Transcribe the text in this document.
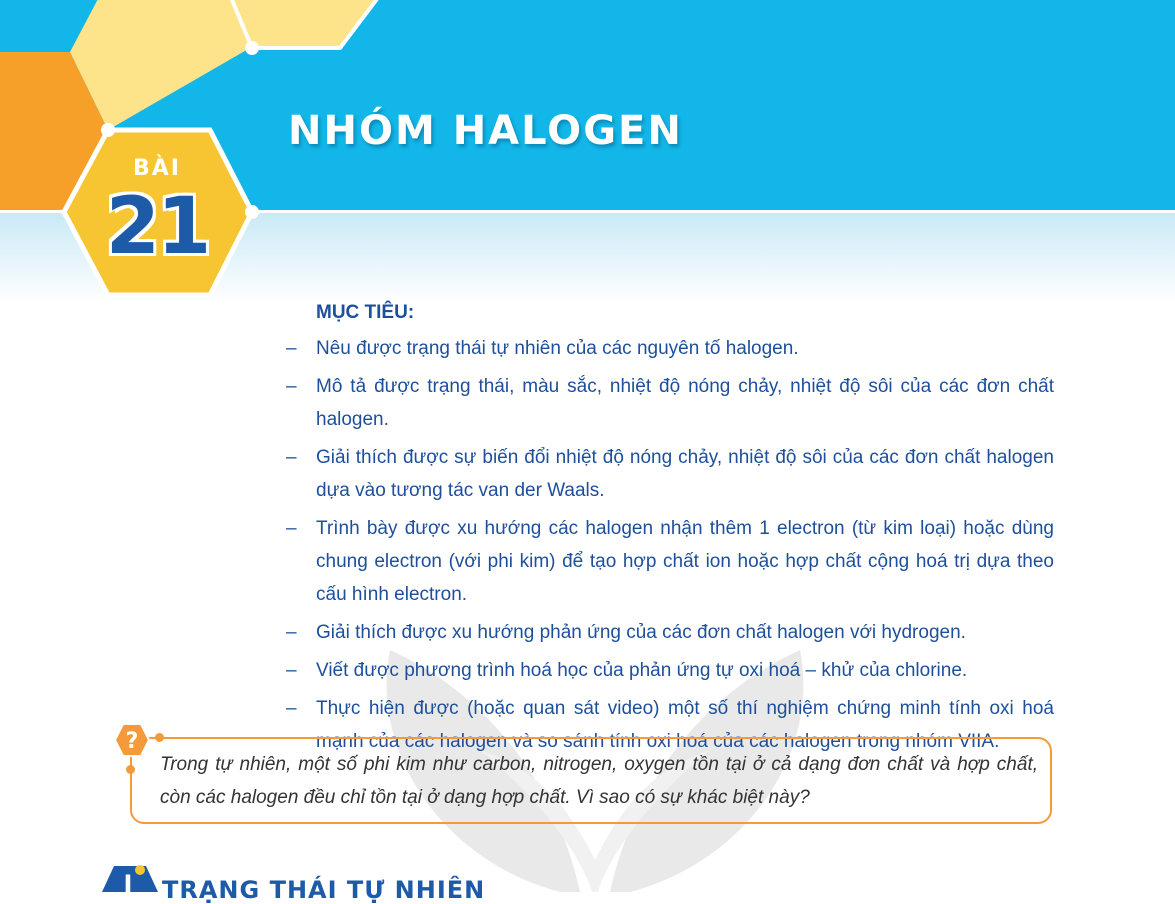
BÀI
21
NHÓM HALOGEN
MỤC TIÊU:
– Nêu được trạng thái tự nhiên của các nguyên tố halogen.
– Mô tả được trạng thái, màu sắc, nhiệt độ nóng chảy, nhiệt độ sôi của các đơn chất halogen.
– Giải thích được sự biến đổi nhiệt độ nóng chảy, nhiệt độ sôi của các đơn chất halogen dựa vào tương tác van der Waals.
– Trình bày được xu hướng các halogen nhận thêm 1 electron (từ kim loại) hoặc dùng chung electron (với phi kim) để tạo hợp chất ion hoặc hợp chất cộng hoá trị dựa theo cấu hình electron.
– Giải thích được xu hướng phản ứng của các đơn chất halogen với hydrogen.
– Viết được phương trình hoá học của phản ứng tự oxi hoá – khử của chlorine.
– Thực hiện được (hoặc quan sát video) một số thí nghiệm chứng minh tính oxi hoá mạnh của các halogen và so sánh tính oxi hoá của các halogen trong nhóm VIIA.
?
Trong tự nhiên, một số phi kim như carbon, nitrogen, oxygen tồn tại ở cả dạng đơn chất và hợp chất, còn các halogen đều chỉ tồn tại ở dạng hợp chất. Vì sao có sự khác biệt này?
I TRẠNG THÁI TỰ NHIÊN
